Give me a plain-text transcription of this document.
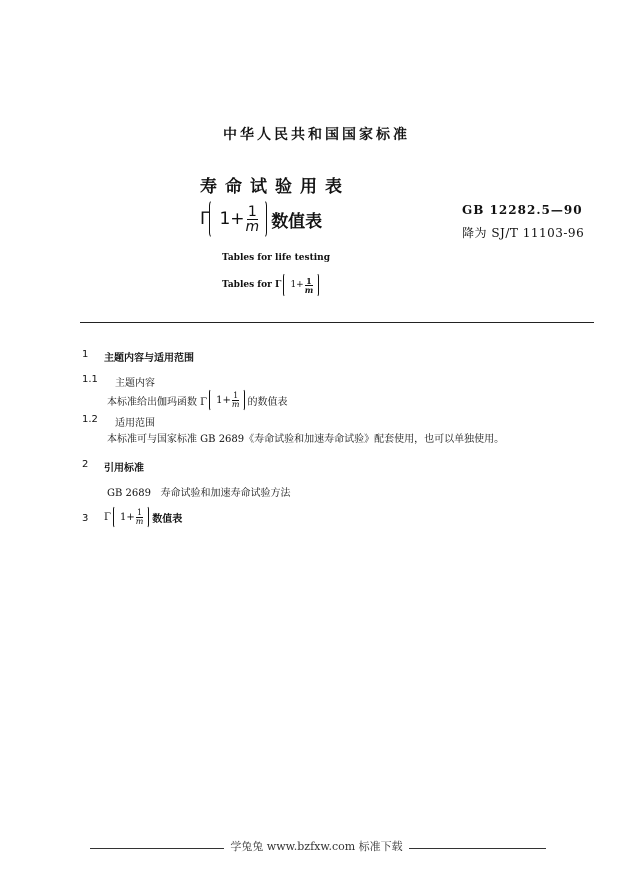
中华人民共和国国家标准
寿命试验用表
Γ $1+ \frac{1}{m}$ 数值表
GB 12282.5—90
降为 SJ/T 11103-96
Tables for life testing
Tables for Γ $1+ \frac{1}{m}$
1 主题内容与适用范围
1.1 主题内容
本标准给出伽玛函数 Γ $1+ \frac{1}{m}$ 的数值表
1.2 适用范围
本标准可与国家标准 GB 2689《寿命试验和加速寿命试验》配套使用，也可以单独使用。
2 引用标准
GB 2689   寿命试验和加速寿命试验方法
3 Γ $1+ \frac{1}{m}$ 数值表
学兔兔 www.bzfxw.com 标准下载
